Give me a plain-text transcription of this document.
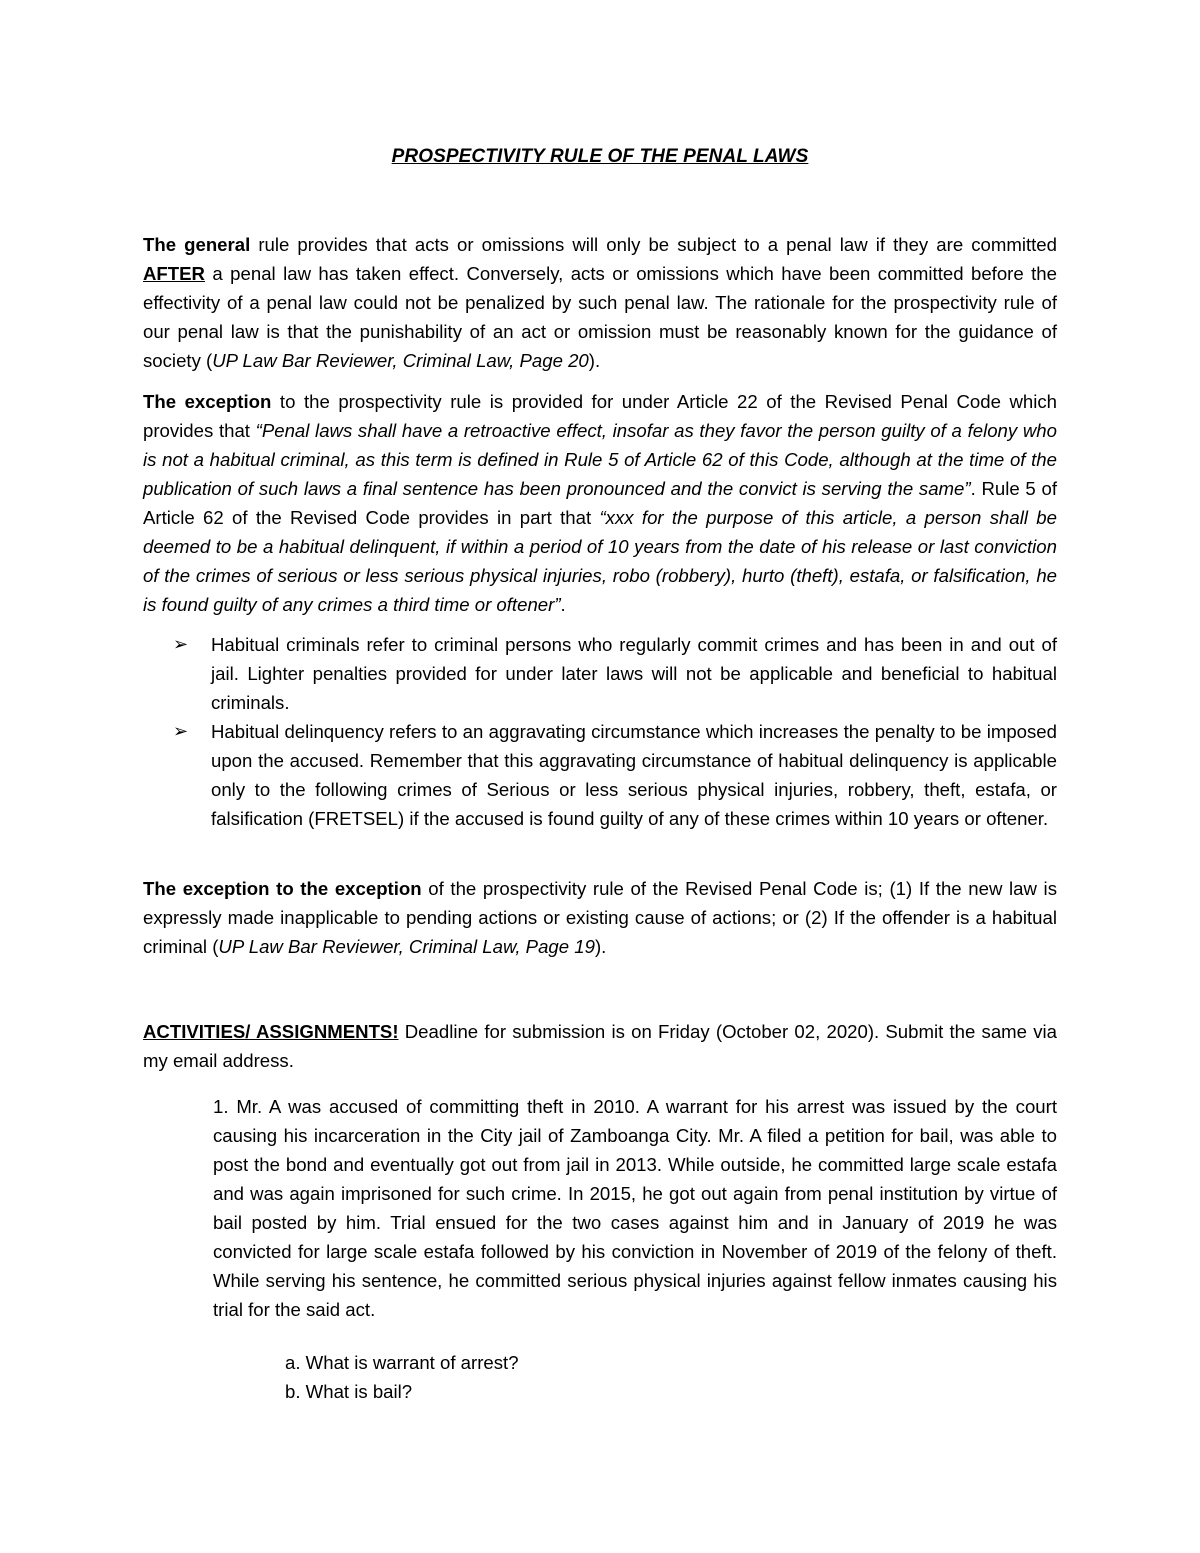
PROSPECTIVITY RULE OF THE PENAL LAWS

The general rule provides that acts or omissions will only be subject to a penal law if they are committed AFTER a penal law has taken effect. Conversely, acts or omissions which have been committed before the effectivity of a penal law could not be penalized by such penal law. The rationale for the prospectivity rule of our penal law is that the punishability of an act or omission must be reasonably known for the guidance of society (UP Law Bar Reviewer, Criminal Law, Page 20).

The exception to the prospectivity rule is provided for under Article 22 of the Revised Penal Code which provides that “Penal laws shall have a retroactive effect, insofar as they favor the person guilty of a felony who is not a habitual criminal, as this term is defined in Rule 5 of Article 62 of this Code, although at the time of the publication of such laws a final sentence has been pronounced and the convict is serving the same”. Rule 5 of Article 62 of the Revised Code provides in part that “xxx for the purpose of this article, a person shall be deemed to be a habitual delinquent, if within a period of 10 years from the date of his release or last conviction of the crimes of serious or less serious physical injuries, robo (robbery), hurto (theft), estafa, or falsification, he is found guilty of any crimes a third time or oftener”.

➢	Habitual criminals refer to criminal persons who regularly commit crimes and has been in and out of jail. Lighter penalties provided for under later laws will not be applicable and beneficial to habitual criminals.
➢	Habitual delinquency refers to an aggravating circumstance which increases the penalty to be imposed upon the accused. Remember that this aggravating circumstance of habitual delinquency is applicable only to the following crimes of Serious or less serious physical injuries, robbery, theft, estafa, or falsification (FRETSEL) if the accused is found guilty of any of these crimes within 10 years or oftener.

The exception to the exception of the prospectivity rule of the Revised Penal Code is; (1) If the new law is expressly made inapplicable to pending actions or existing cause of actions; or (2) If the offender is a habitual criminal (UP Law Bar Reviewer, Criminal Law, Page 19).

ACTIVITIES/ ASSIGNMENTS! Deadline for submission is on Friday (October 02, 2020). Submit the same via my email address.

1. Mr. A was accused of committing theft in 2010. A warrant for his arrest was issued by the court causing his incarceration in the City jail of Zamboanga City. Mr. A filed a petition for bail, was able to post the bond and eventually got out from jail in 2013. While outside, he committed large scale estafa and was again imprisoned for such crime. In 2015, he got out again from penal institution by virtue of bail posted by him. Trial ensued for the two cases against him and in January of 2019 he was convicted for large scale estafa followed by his conviction in November of 2019 of the felony of theft. While serving his sentence, he committed serious physical injuries against fellow inmates causing his trial for the said act.

a. What is warrant of arrest?
b. What is bail?
